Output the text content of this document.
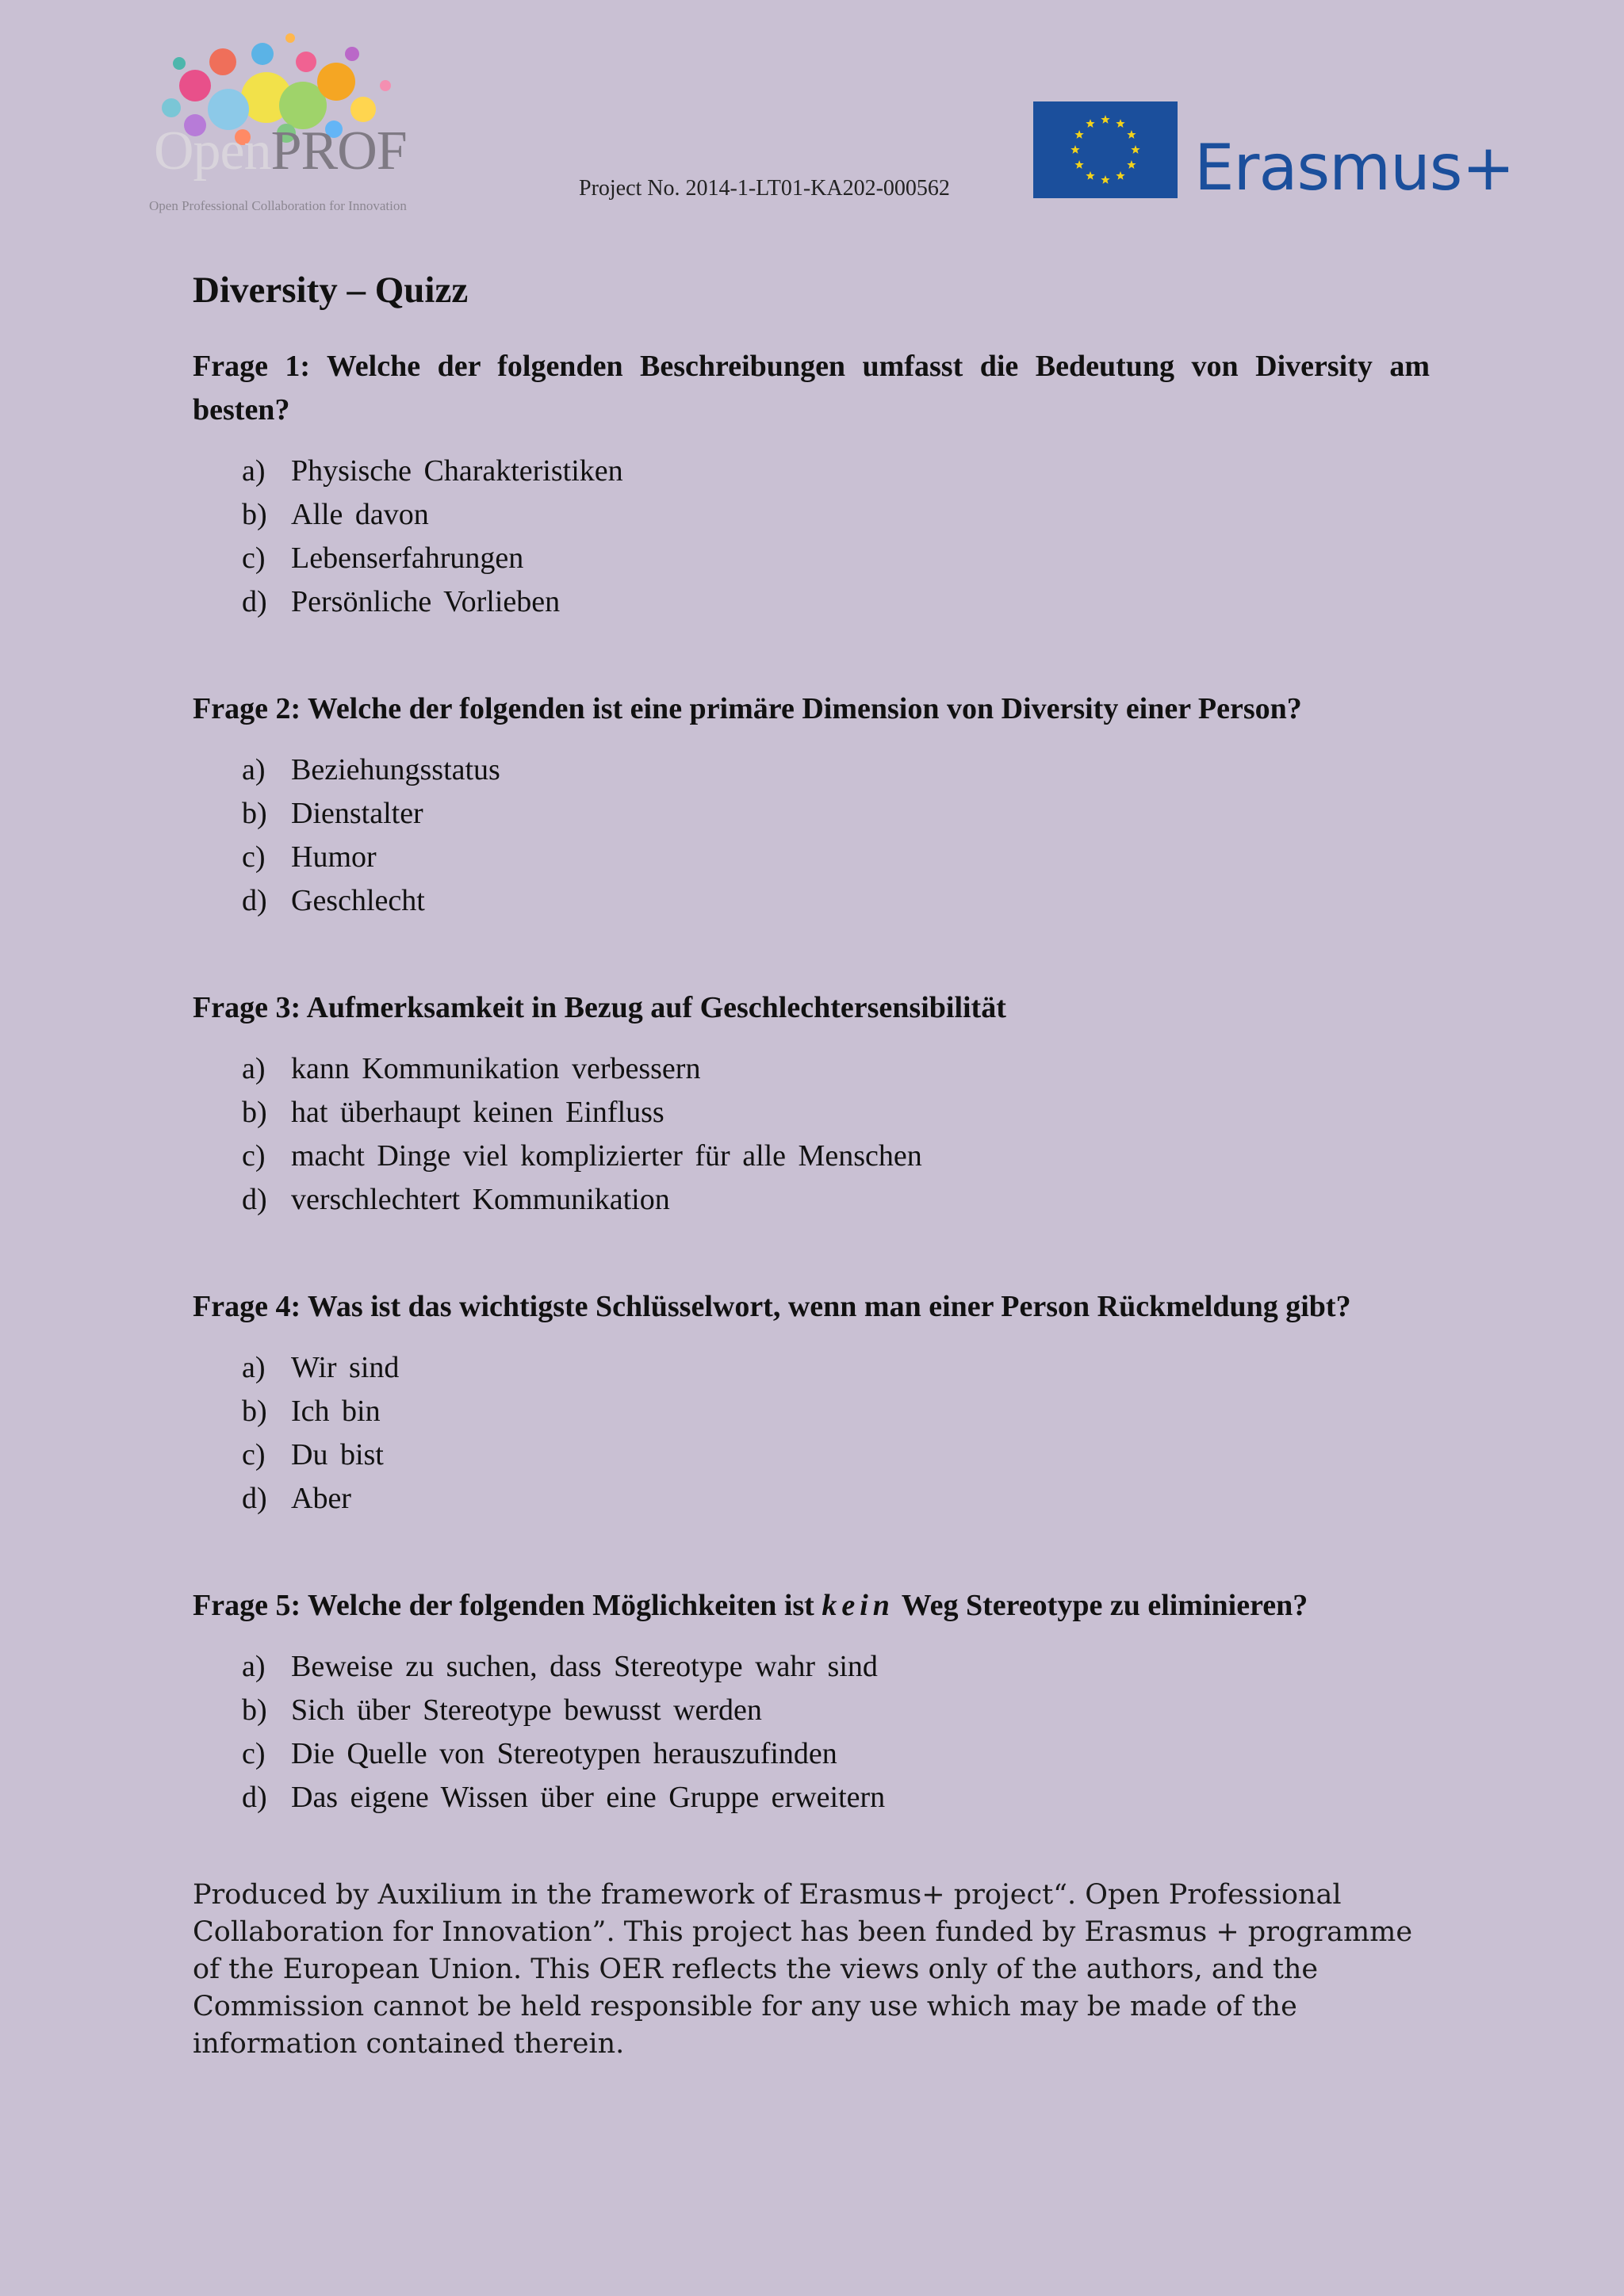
OpenPROF
Open Professional Collaboration for Innovation
Project No. 2014-1-LT01-KA202-000562	Erasmus+
Diversity – Quizz

Frage 1: Welche der folgenden Beschreibungen umfasst die Bedeutung von Diversity am besten?

a) Physische Charakteristiken
b) Alle davon
c) Lebenserfahrungen
d) Persönliche Vorlieben

Frage 2: Welche der folgenden ist eine primäre Dimension von Diversity einer Person?

a) Beziehungsstatus
b) Dienstalter
c) Humor
d) Geschlecht

Frage 3: Aufmerksamkeit in Bezug auf Geschlechtersensibilität

a) kann Kommunikation verbessern
b) hat überhaupt keinen Einfluss
c) macht Dinge viel komplizierter für alle Menschen
d) verschlechtert Kommunikation

Frage 4: Was ist das wichtigste Schlüsselwort, wenn man einer Person Rückmeldung gibt?

a) Wir sind
b) Ich bin
c) Du bist
d) Aber

Frage 5: Welche der folgenden Möglichkeiten ist kein Weg Stereotype zu eliminieren?

a) Beweise zu suchen, dass Stereotype wahr sind
b) Sich über Stereotype bewusst werden
c) Die Quelle von Stereotypen herauszufinden
d) Das eigene Wissen über eine Gruppe erweitern

Produced by Auxilium in the framework of Erasmus+ project“. Open Professional Collaboration for Innovation”. This project has been funded by Erasmus + programme of the European Union. This OER reflects the views only of the authors, and the Commission cannot be held responsible for any use which may be made of the information contained therein.
